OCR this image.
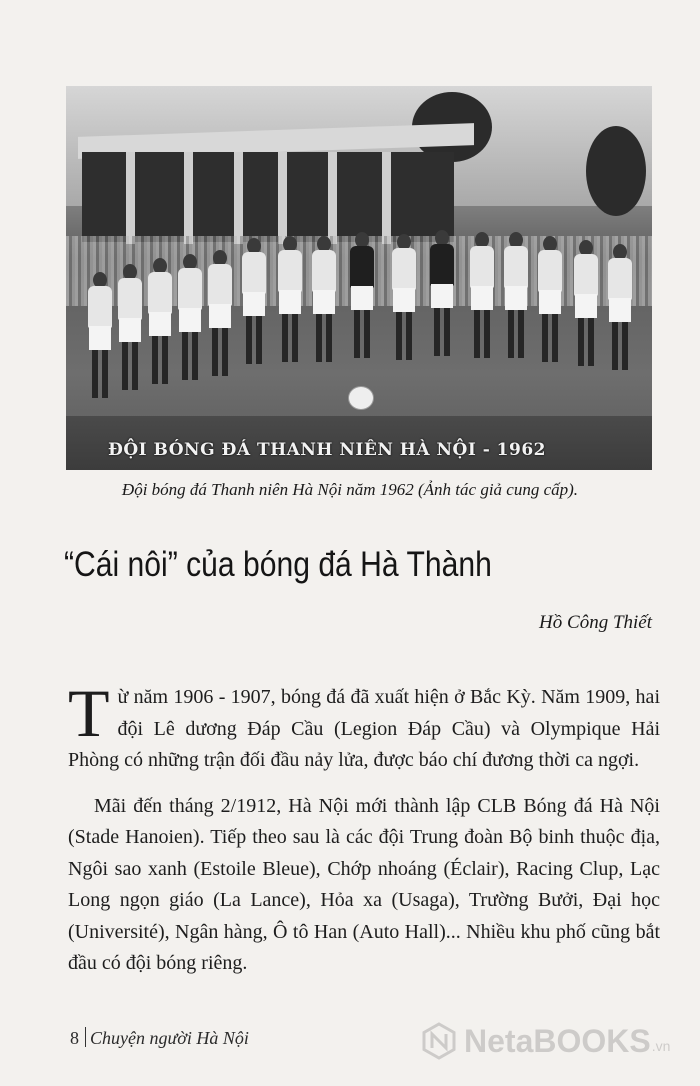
ĐỘI BÓNG ĐÁ THANH NIÊN HÀ NỘI - 1962
Đội bóng đá Thanh niên Hà Nội năm 1962 (Ảnh tác giả cung cấp).
“Cái nôi” của bóng đá Hà Thành
Hồ Công Thiết

Từ năm 1906 - 1907, bóng đá đã xuất hiện ở Bắc Kỳ. Năm 1909, hai đội Lê dương Đáp Cầu (Legion Đáp Cầu) và Olympique Hải Phòng có những trận đối đầu nảy lửa, được báo chí đương thời ca ngợi.

Mãi đến tháng 2/1912, Hà Nội mới thành lập CLB Bóng đá Hà Nội (Stade Hanoien). Tiếp theo sau là các đội Trung đoàn Bộ binh thuộc địa, Ngôi sao xanh (Estoile Bleue), Chớp nhoáng (Éclair), Racing Clup, Lạc Long ngọn giáo (La Lance), Hỏa xa (Usaga), Trường Bưởi, Đại học (Université), Ngân hàng, Ô tô Han (Auto Hall)... Nhiều khu phố cũng bắt đầu có đội bóng riêng.

8 Chuyện người Hà Nội	NetaBOOKS .vn
